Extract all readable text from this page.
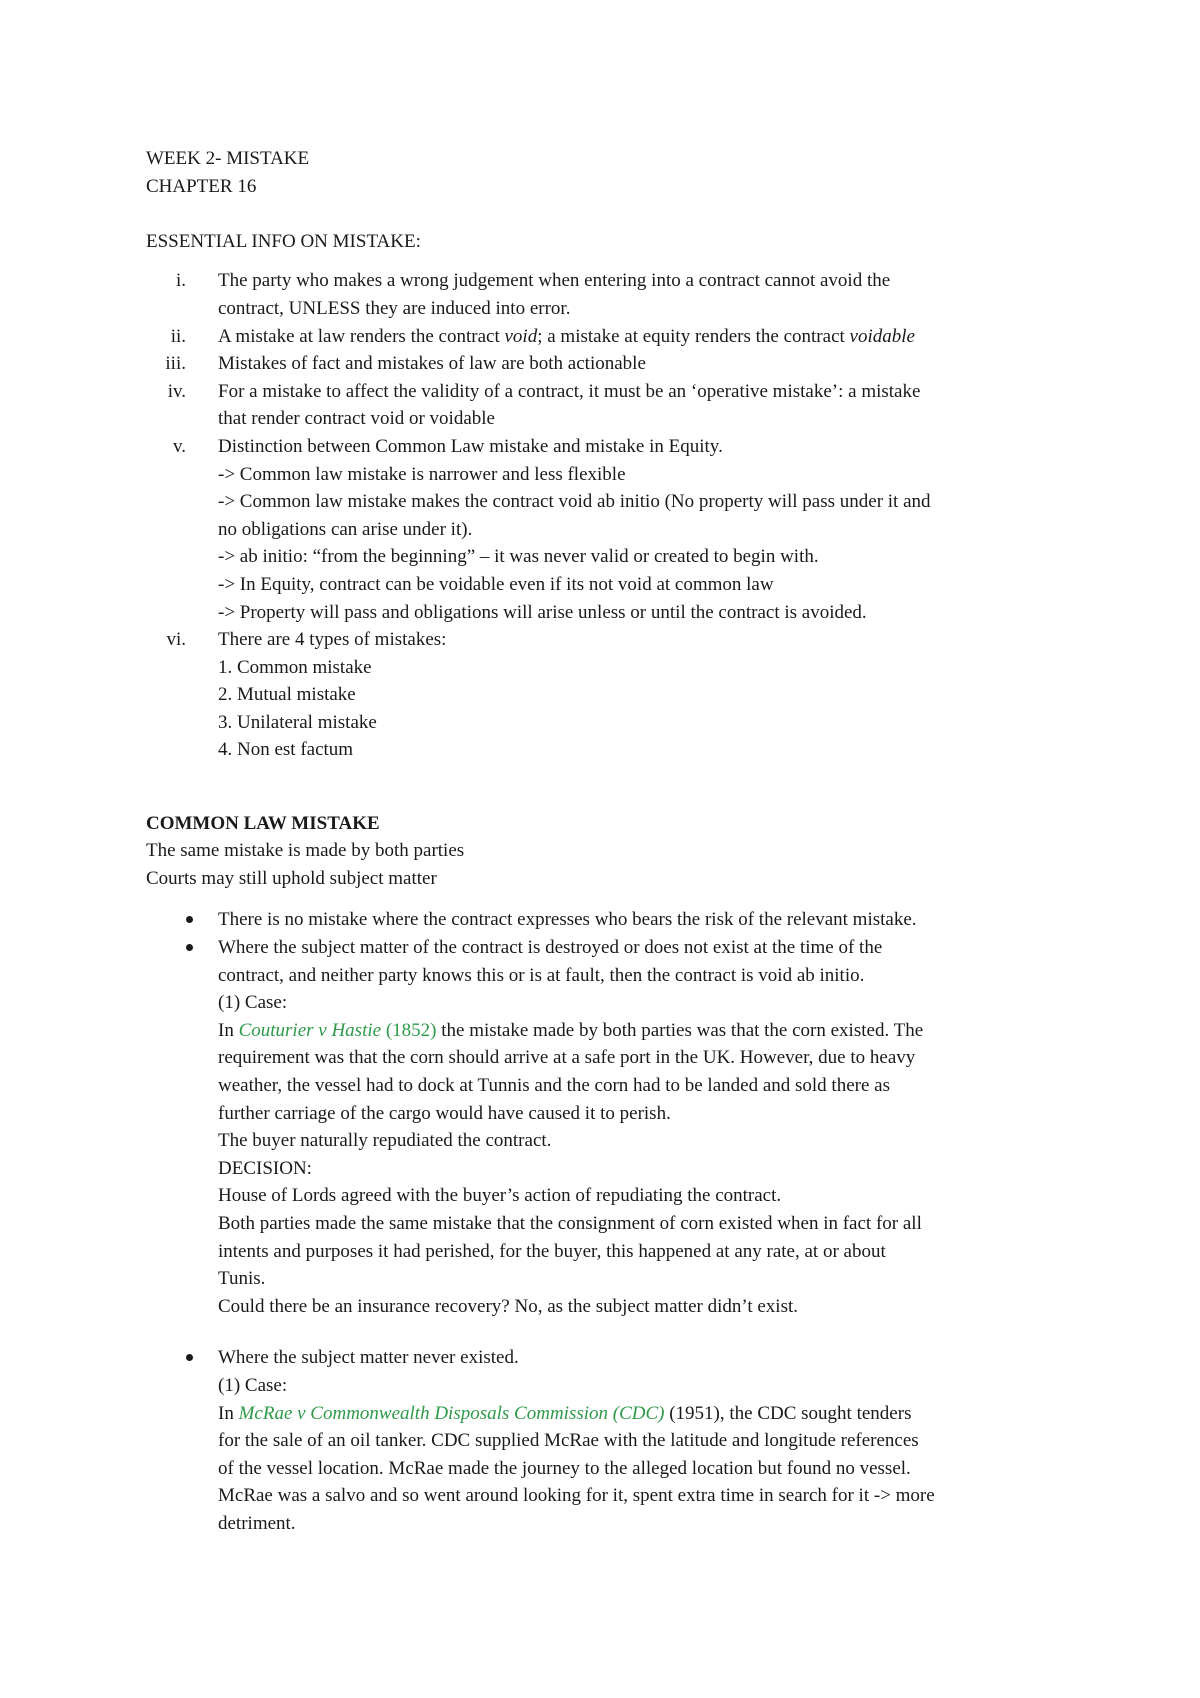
WEEK 2- MISTAKE

CHAPTER 16

ESSENTIAL INFO ON MISTAKE:

i.	The party who makes a wrong judgement when entering into a contract cannot avoid the

contract, UNLESS they are induced into error.

ii.	A mistake at law renders the contract void; a mistake at equity renders the contract voidable

iii.	Mistakes of fact and mistakes of law are both actionable

iv.	For a mistake to affect the validity of a contract, it must be an ‘operative mistake’: a mistake

that render contract void or voidable

v.	Distinction between Common Law mistake and mistake in Equity.

-> Common law mistake is narrower and less flexible

-> Common law mistake makes the contract void ab initio (No property will pass under it and

no obligations can arise under it).

-> ab initio: “from the beginning” – it was never valid or created to begin with.

-> In Equity, contract can be voidable even if its not void at common law

-> Property will pass and obligations will arise unless or until the contract is avoided.

vi.	There are 4 types of mistakes:

1. Common mistake

2. Mutual mistake

3. Unilateral mistake

4. Non est factum

COMMON LAW MISTAKE

The same mistake is made by both parties

Courts may still uphold subject matter

There is no mistake where the contract expresses who bears the risk of the relevant mistake.

Where the subject matter of the contract is destroyed or does not exist at the time of the

contract, and neither party knows this or is at fault, then the contract is void ab initio.

(1) Case:

In Couturier v Hastie (1852) the mistake made by both parties was that the corn existed. The

requirement was that the corn should arrive at a safe port in the UK. However, due to heavy

weather, the vessel had to dock at Tunnis and the corn had to be landed and sold there as

further carriage of the cargo would have caused it to perish.

The buyer naturally repudiated the contract.

DECISION:

House of Lords agreed with the buyer’s action of repudiating the contract.

Both parties made the same mistake that the consignment of corn existed when in fact for all

intents and purposes it had perished, for the buyer, this happened at any rate, at or about

Tunis.

Could there be an insurance recovery? No, as the subject matter didn’t exist.

Where the subject matter never existed.

(1) Case:

In McRae v Commonwealth Disposals Commission (CDC) (1951), the CDC sought tenders

for the sale of an oil tanker. CDC supplied McRae with the latitude and longitude references

of the vessel location. McRae made the journey to the alleged location but found no vessel.

McRae was a salvo and so went around looking for it, spent extra time in search for it -> more

detriment.
